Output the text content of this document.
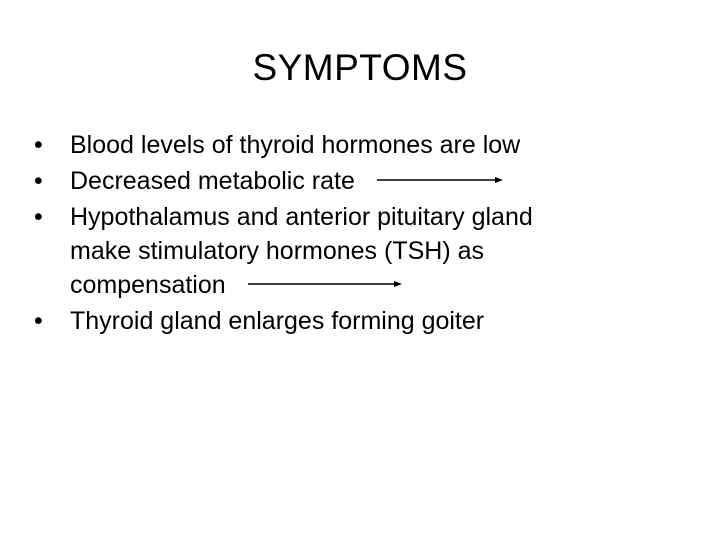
SYMPTOMS
• Blood levels of thyroid hormones are low
• Decreased metabolic rate
• Hypothalamus and anterior pituitary gland
make stimulatory hormones (TSH) as
compensation
• Thyroid gland enlarges forming goiter
